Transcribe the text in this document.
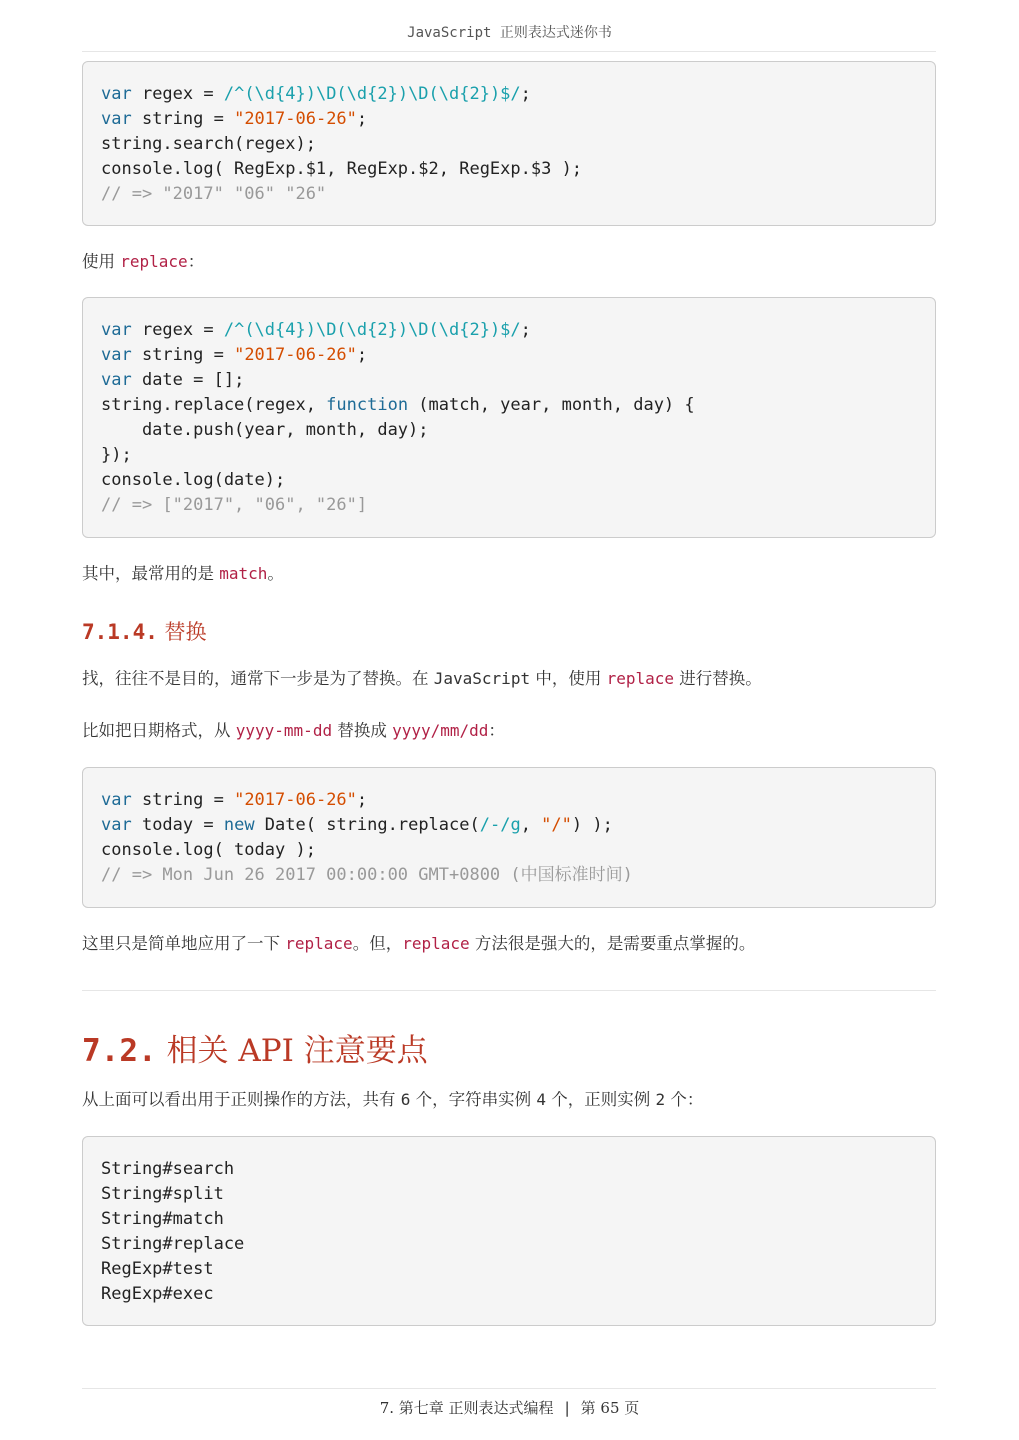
JavaScript 正则表达式迷你书
var regex = /^(\d{4})\D(\d{2})\D(\d{2})$/;
var string = "2017-06-26";
string.search(regex);
console.log( RegExp.$1, RegExp.$2, RegExp.$3 );
// => "2017" "06" "26"
使用 replace：
var regex = /^(\d{4})\D(\d{2})\D(\d{2})$/;
var string = "2017-06-26";
var date = [];
string.replace(regex, function (match, year, month, day) {
date.push(year, month, day);
});
console.log(date);
// => ["2017", "06", "26"]
其中，最常用的是 match。
7.1.4. 替换
找，往往不是目的，通常下一步是为了替换。在 JavaScript 中，使用 replace 进行替换。
比如把日期格式，从 yyyy-mm-dd 替换成 yyyy/mm/dd：
var string = "2017-06-26";
var today = new Date( string.replace(/-/g, "/") );
console.log( today );
// => Mon Jun 26 2017 00:00:00 GMT+0800 (中国标准时间)
这里只是简单地应用了一下 replace。但，replace 方法很是强大的，是需要重点掌握的。
7.2. 相关 API 注意要点
从上面可以看出用于正则操作的方法，共有 6 个，字符串实例 4 个，正则实例 2 个：
String#search
String#split
String#match
String#replace
RegExp#test
RegExp#exec
7. 第七章 正则表达式编程 | 第 65 页
